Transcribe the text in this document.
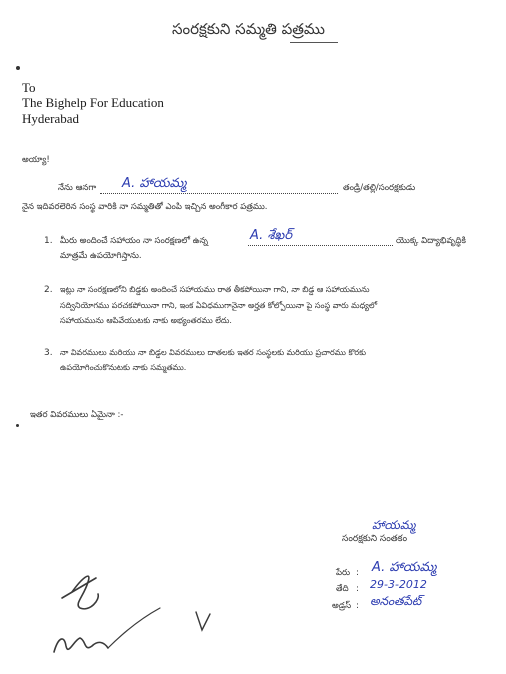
సంరక్షకుని సమ్మతి పత్రము
To
The Bighelp For Education
Hyderabad
అయ్యా!
నేను ఆనగా A. హాయమ్మ	తండ్రి/తల్లి/సంరక్షకుడు
నైన ఇదివరలెరిన సంస్థ వారికి నా సమ్మతితో ఎంపి ఇచ్చిన అంగీకార పత్రము.
1. మీరు అందించే సహాయం నా సంరక్షణలో ఉన్న	A. శేఖర్	యొక్క విద్యాభివృద్ధికి
మాత్రమే ఉపయోగిస్తాను.
2. ఇట్లు నా సంరక్షణలోని బిడ్డకు అందించే సహాయము రాత తీకపోయినా గాని, నా బిడ్డ ఆ సహాయమును
సద్వినియోగము పరచకపోయినా గాని, ఇంక ఏవిధముగానైనా అర్హత కోల్పోయినా పై సంస్థ వారు మధ్యలో
సహాయమును ఆపివేయుటకు నాకు అభ్యంతరము లేదు.
3. నా వివరములు మరియు నా బిడ్డల వివరములు దాతలకు ఇతర సంస్థలకు మరియు ప్రచారము కొరకు
ఉపయోగించుకొనుటకు నాకు సమ్మతము.
ఇతర వివరములు ఏమైనా :-
హాయమ్మ
సంరక్షకుని సంతకం
పేరు : A. హాయమ్మ
తేది : 29-3-2012
అడ్రస్ : అనంతపేట్
